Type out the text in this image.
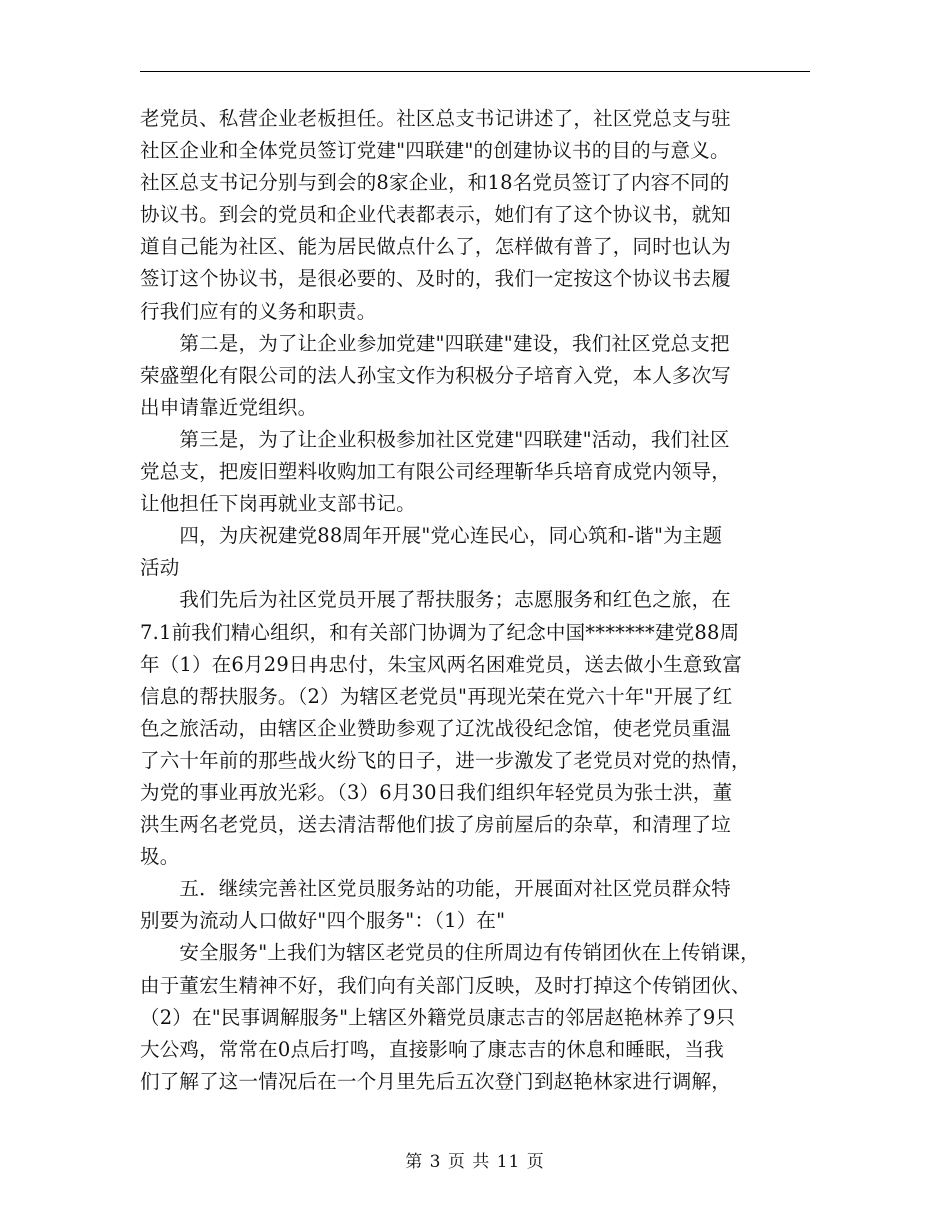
老党员、私营企业老板担任。社区总支书记讲述了，社区党总支与驻
社区企业和全体党员签订党建"四联建"的创建协议书的目的与意义。
社区总支书记分别与到会的8家企业，和18名党员签订了内容不同的
协议书。到会的党员和企业代表都表示，她们有了这个协议书，就知
道自己能为社区、能为居民做点什么了，怎样做有普了，同时也认为
签订这个协议书，是很必要的、及时的，我们一定按这个协议书去履
行我们应有的义务和职责。
　　第二是，为了让企业参加党建"四联建"建设，我们社区党总支把
荣盛塑化有限公司的法人孙宝文作为积极分子培育入党，本人多次写
出申请靠近党组织。
　　第三是，为了让企业积极参加社区党建"四联建"活动，我们社区
党总支，把废旧塑料收购加工有限公司经理靳华兵培育成党内领导，
让他担任下岗再就业支部书记。
　　四，为庆祝建党88周年开展"党心连民心，同心筑和-谐"为主题
活动
　　我们先后为社区党员开展了帮扶服务；志愿服务和红色之旅，在
7.1前我们精心组织，和有关部门协调为了纪念中国*******建党88周
年（1）在6月29日冉忠付，朱宝风两名困难党员，送去做小生意致富
信息的帮扶服务。（2）为辖区老党员"再现光荣在党六十年"开展了红
色之旅活动，由辖区企业赞助参观了辽沈战役纪念馆，使老党员重温
了六十年前的那些战火纷飞的日子，进一步激发了老党员对党的热情，
为党的事业再放光彩。（3）6月30日我们组织年轻党员为张士洪，董
洪生两名老党员，送去清洁帮他们拔了房前屋后的杂草，和清理了垃
圾。
　　五．继续完善社区党员服务站的功能，开展面对社区党员群众特
别要为流动人口做好"四个服务"：（1）在"
　　安全服务"上我们为辖区老党员的住所周边有传销团伙在上传销课，
由于董宏生精神不好，我们向有关部门反映，及时打掉这个传销团伙、
（2）在"民事调解服务"上辖区外籍党员康志吉的邻居赵艳林养了9只
大公鸡，常常在0点后打鸣，直接影响了康志吉的休息和睡眠，当我
们了解了这一情况后在一个月里先后五次登门到赵艳林家进行调解，
第 3 页 共 11 页
